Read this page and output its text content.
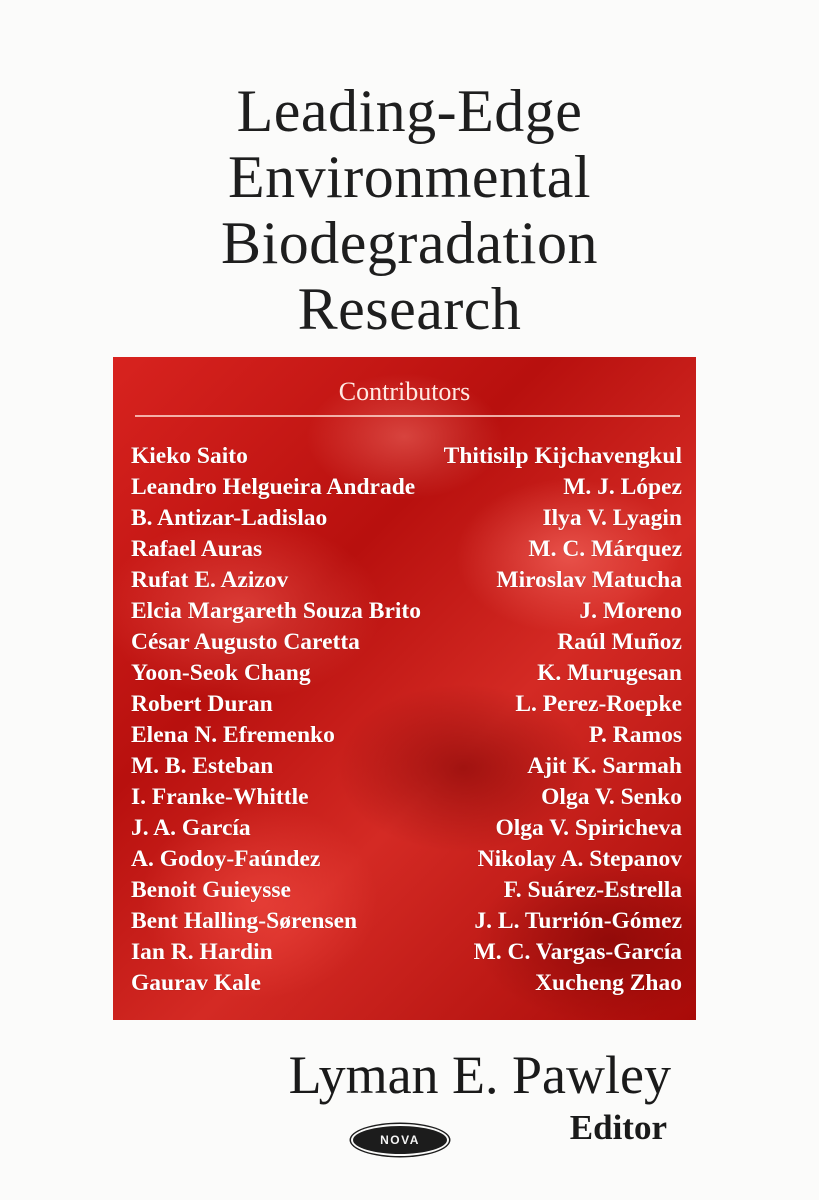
Leading-Edge
Environmental
Biodegradation
Research
Contributors
Kieko Saito	Thitisilp Kijchavengkul
Leandro Helgueira Andrade	M. J. López
B. Antizar-Ladislao	Ilya V. Lyagin
Rafael Auras	M. C. Márquez
Rufat E. Azizov	Miroslav Matucha
Elcia Margareth Souza Brito	J. Moreno
César Augusto Caretta	Raúl Muñoz
Yoon-Seok Chang	K. Murugesan
Robert Duran	L. Perez-Roepke
Elena N. Efremenko	P. Ramos
M. B. Esteban	Ajit K. Sarmah
I. Franke-Whittle	Olga V. Senko
J. A. García	Olga V. Spiricheva
A. Godoy-Faúndez	Nikolay A. Stepanov
Benoit Guieysse	F. Suárez-Estrella
Bent Halling-Sørensen	J. L. Turrión-Gómez
Ian R. Hardin	M. C. Vargas-García
Gaurav Kale	Xucheng Zhao
Lyman E. Pawley
Editor
NOVA
